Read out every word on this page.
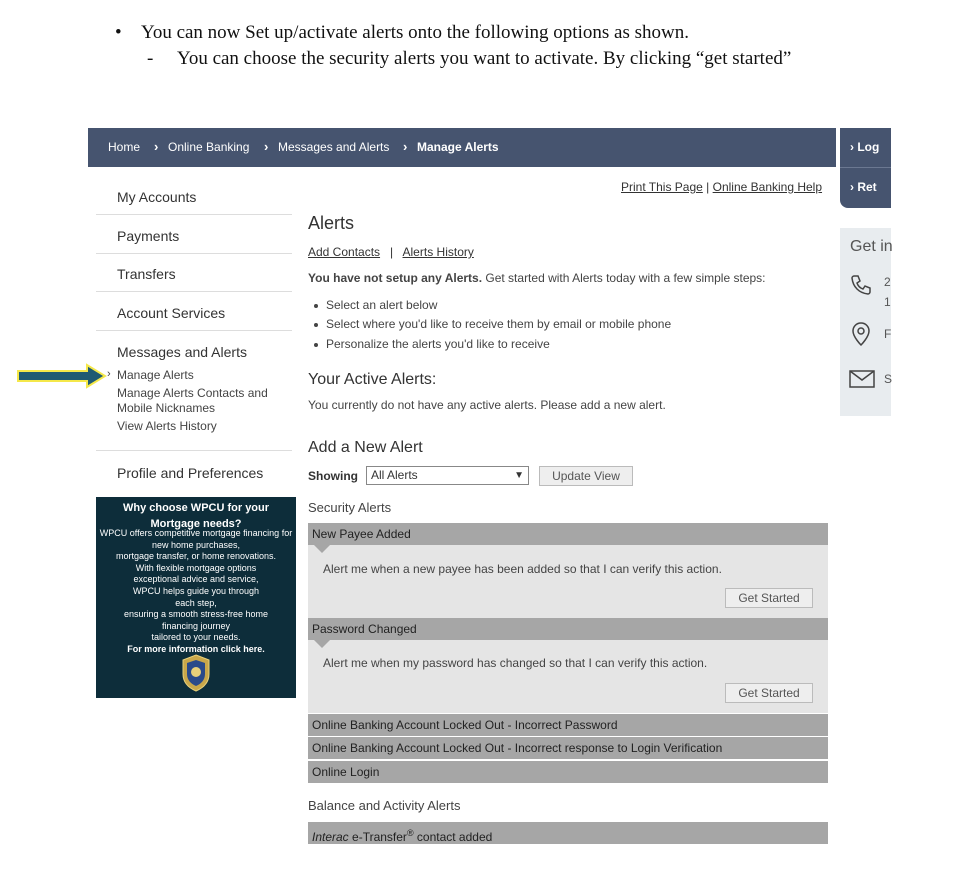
• You can now Set up/activate alerts onto the following options as shown.
- You can choose the security alerts you want to activate. By clicking “get started”
Home › Online Banking › Messages and Alerts › Manage Alerts	› Log
› Ret
Get in
2
1
F
S
My Accounts
Payments
Transfers
Account Services
Messages and Alerts
› Manage Alerts
Manage Alerts Contacts and
Mobile Nicknames
View Alerts History
Profile and Preferences
Why choose WPCU for your
Mortgage needs?
WPCU offers competitive mortgage financing for
new home purchases,
mortgage transfer, or home renovations.
With flexible mortgage options
exceptional advice and service,
WPCU helps guide you through
each step,
ensuring a smooth stress-free home
financing journey
tailored to your needs.
For more information click here.
Print This Page | Online Banking Help
Alerts
Add Contacts   |   Alerts History
You have not setup any Alerts. Get started with Alerts today with a few simple steps:
Select an alert below
Select where you'd like to receive them by email or mobile phone
Personalize the alerts you'd like to receive
Your Active Alerts:
You currently do not have any active alerts. Please add a new alert.
Add a New Alert
Showing	All Alerts	▼	Update View
Security Alerts
New Payee Added
Alert me when a new payee has been added so that I can verify this action.
Get Started
Password Changed
Alert me when my password has changed so that I can verify this action.
Get Started
Online Banking Account Locked Out - Incorrect Password
Online Banking Account Locked Out - Incorrect response to Login Verification
Online Login
Balance and Activity Alerts
Interac e-Transfer® contact added
